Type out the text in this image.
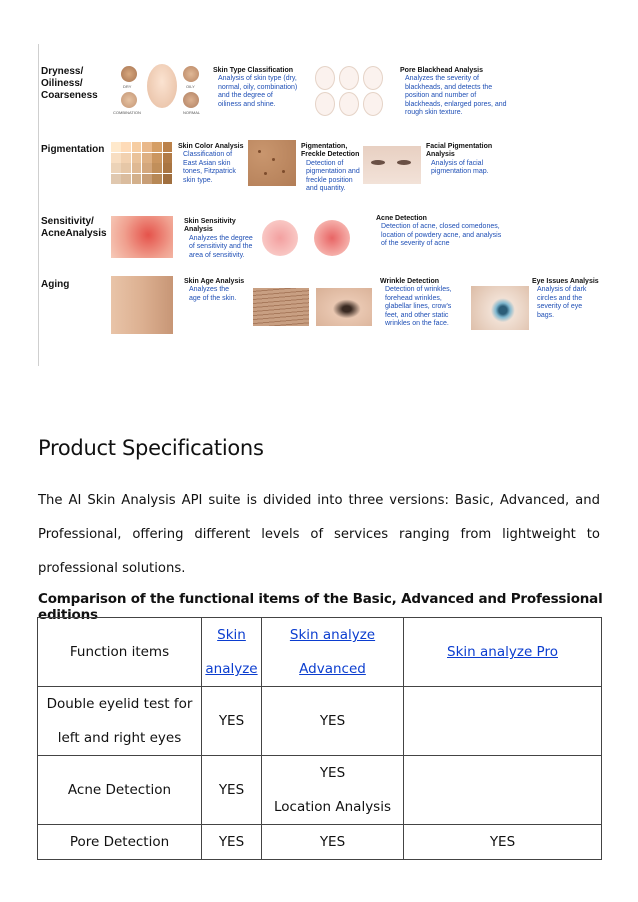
Dryness/
Oiliness/
Coarseness
DRY	OILY
COMBINATION	NORMAL
Skin Type Classification
Analysis of skin type (dry,
normal, oily, combination)
and the degree of
oiliness and shine.
Pore Blackhead Analysis
Analyzes the severity of
blackheads, and detects the
position and number of
blackheads, enlarged pores, and
rough skin texture.
Pigmentation	Skin Color Analysis
Classification of
East Asian skin
tones, Fitzpatrick
skin type.
Pigmentation,
Freckle Detection
Detection of
pigmentation and
freckle position
and quantity.
Facial Pigmentation
Analysis
Analysis of facial
pigmentation map.
Sensitivity/
AcneAnalysis
Skin Sensitivity
Analysis
Analyzes the degree
of sensitivity and the
area of sensitivity.
Acne Detection
Detection of acne, closed comedones,
location of powdery acne, and analysis
of the severity of acne
Aging	Skin Age Analysis
Analyzes the
age of the skin.
Wrinkle Detection
Detection of wrinkles,
forehead wrinkles,
glabellar lines, crow's
feet, and other static
wrinkles on the face.
Eye Issues Analysis
Analysis of dark
circles and the
severity of eye
bags.
Product Specifications

The AI Skin Analysis API suite is divided into three versions: Basic, Advanced, and Professional, offering different levels of services ranging from lightweight to professional solutions.

Comparison of the functional items of the Basic, Advanced and Professional editions
Function items	Skin analyze	Skin analyze Advanced	Skin analyze Pro
Double eyelid test for left and right eyes	YES	YES	
Acne Detection	YES	YES
Location Analysis	
Pore Detection	YES	YES	YES
